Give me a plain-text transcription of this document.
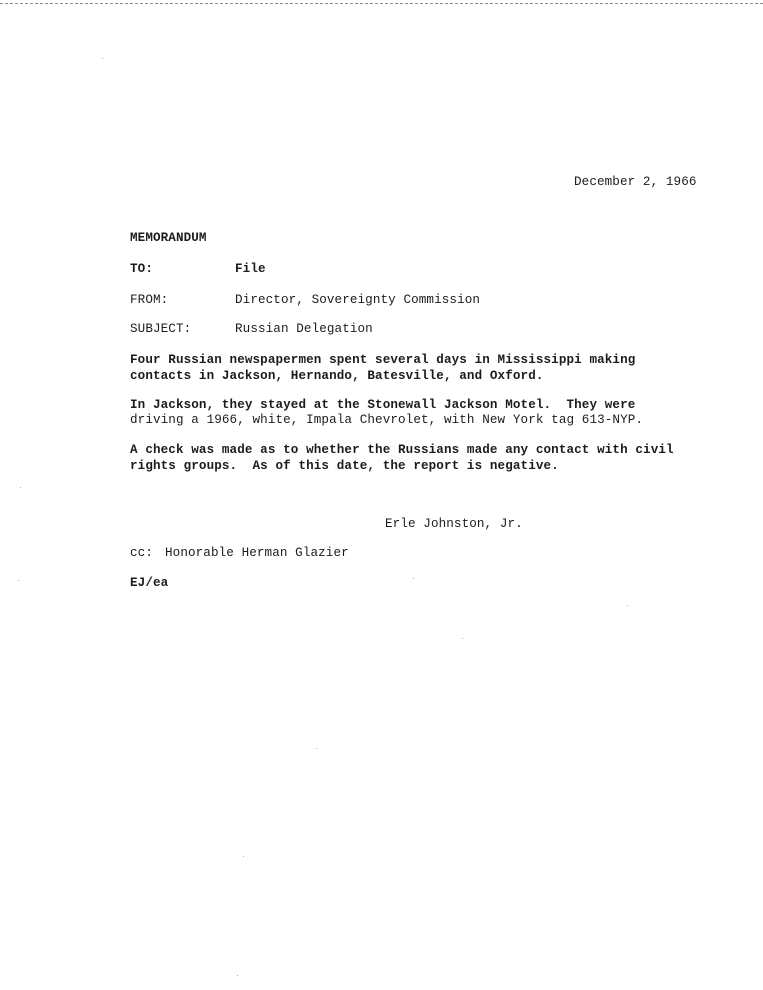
December 2, 1966
MEMORANDUM
TO:	File
FROM:	Director, Sovereignty Commission
SUBJECT:	Russian Delegation
Four Russian newspapermen spent several days in Mississippi making
contacts in Jackson, Hernando, Batesville, and Oxford.
In Jackson, they stayed at the Stonewall Jackson Motel.  They were
driving a 1966, white, Impala Chevrolet, with New York tag 613-NYP.
A check was made as to whether the Russians made any contact with civil
rights groups.  As of this date, the report is negative.
Erle Johnston, Jr.
cc: Honorable Herman Glazier
EJ/ea
